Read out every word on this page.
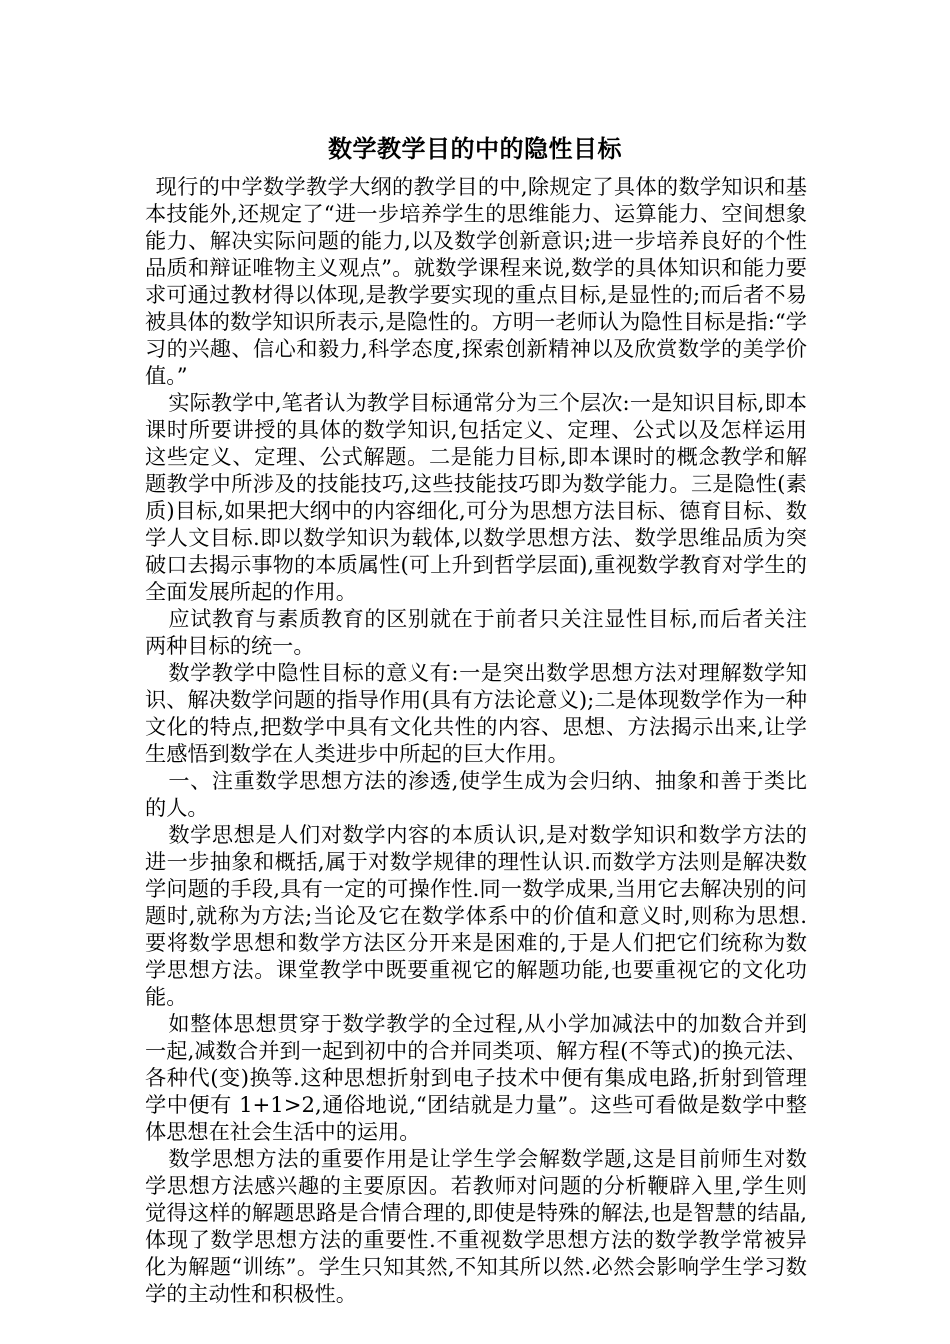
数学教学目的中的隐性目标

现行的中学数学教学大纲的教学目的中,除规定了具体的数学知识和基本技能外,还规定了“进一步培养学生的思维能力、运算能力、空间想象能力、解决实际问题的能力,以及数学创新意识;进一步培养良好的个性品质和辩证唯物主义观点”。就数学课程来说,数学的具体知识和能力要求可通过教材得以体现,是教学要实现的重点目标,是显性的;而后者不易被具体的数学知识所表示,是隐性的。方明一老师认为隐性目标是指:“学习的兴趣、信心和毅力,科学态度,探索创新精神以及欣赏数学的美学价值。”

实际教学中,笔者认为教学目标通常分为三个层次:一是知识目标,即本课时所要讲授的具体的数学知识,包括定义、定理、公式以及怎样运用这些定义、定理、公式解题。二是能力目标,即本课时的概念教学和解题教学中所涉及的技能技巧,这些技能技巧即为数学能力。三是隐性(素质)目标,如果把大纲中的内容细化,可分为思想方法目标、德育目标、数学人文目标.即以数学知识为载体,以数学思想方法、数学思维品质为突破口去揭示事物的本质属性(可上升到哲学层面),重视数学教育对学生的全面发展所起的作用。

应试教育与素质教育的区别就在于前者只关注显性目标,而后者关注两种目标的统一。

数学教学中隐性目标的意义有:一是突出数学思想方法对理解数学知识、解决数学问题的指导作用(具有方法论意义);二是体现数学作为一种文化的特点,把数学中具有文化共性的内容、思想、方法揭示出来,让学生感悟到数学在人类进步中所起的巨大作用。

一、注重数学思想方法的渗透,使学生成为会归纳、抽象和善于类比的人。

数学思想是人们对数学内容的本质认识,是对数学知识和数学方法的进一步抽象和概括,属于对数学规律的理性认识.而数学方法则是解决数学问题的手段,具有一定的可操作性.同一数学成果,当用它去解决别的问题时,就称为方法;当论及它在数学体系中的价值和意义时,则称为思想.要将数学思想和数学方法区分开来是困难的,于是人们把它们统称为数学思想方法。课堂教学中既要重视它的解题功能,也要重视它的文化功能。

如整体思想贯穿于数学教学的全过程,从小学加减法中的加数合并到一起,减数合并到一起到初中的合并同类项、解方程(不等式)的换元法、各种代(变)换等.这种思想折射到电子技术中便有集成电路,折射到管理学中便有 1+1>2,通俗地说,“团结就是力量”。这些可看做是数学中整体思想在社会生活中的运用。

数学思想方法的重要作用是让学生学会解数学题,这是目前师生对数学思想方法感兴趣的主要原因。若教师对问题的分析鞭辟入里,学生则觉得这样的解题思路是合情合理的,即使是特殊的解法,也是智慧的结晶,体现了数学思想方法的重要性.不重视数学思想方法的数学教学常被异化为解题“训练”。学生只知其然,不知其所以然.必然会影响学生学习数学的主动性和积极性。
